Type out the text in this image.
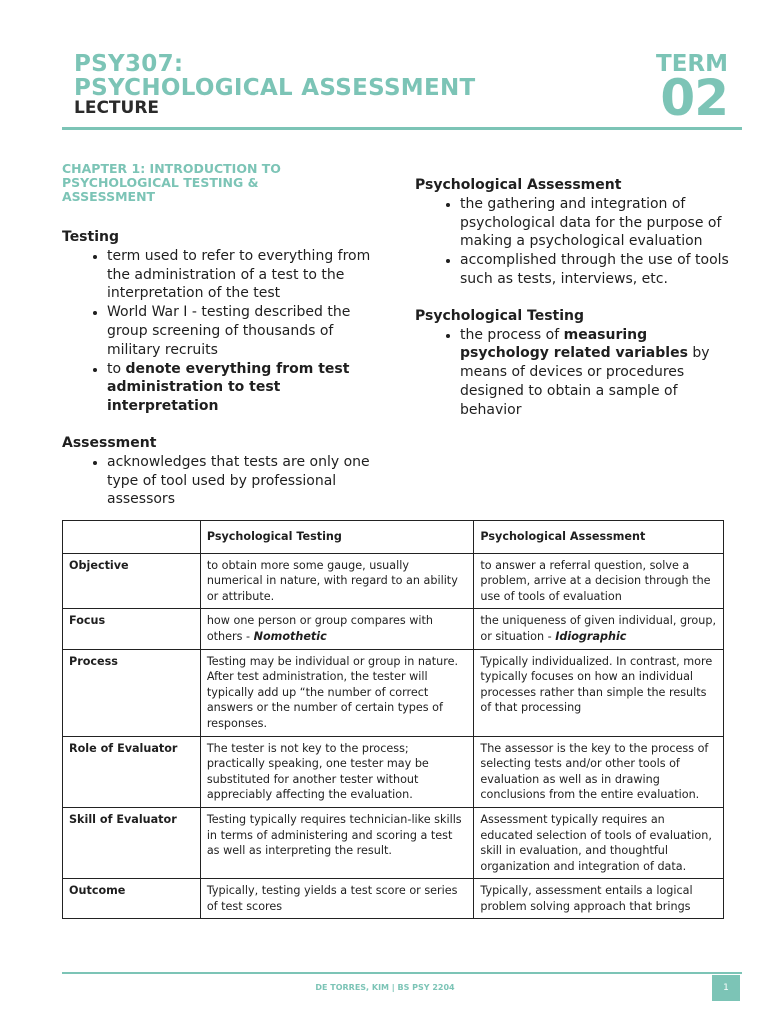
PSY307:
PSYCHOLOGICAL ASSESSMENT
LECTURE
TERM
02
CHAPTER 1: INTRODUCTION TO
PSYCHOLOGICAL TESTING &
ASSESSMENT
Testing
• term used to refer to everything from the administration of a test to the interpretation of the test
• World War I - testing described the group screening of thousands of military recruits
• to denote everything from test administration to test interpretation
Assessment
• acknowledges that tests are only one type of tool used by professional assessors
Psychological Assessment
• the gathering and integration of psychological data for the purpose of making a psychological evaluation
• accomplished through the use of tools such as tests, interviews, etc.
Psychological Testing
• the process of measuring psychology related variables by means of devices or procedures designed to obtain a sample of behavior
	Psychological Testing	Psychological Assessment
Objective	to obtain more some gauge, usually numerical in nature, with regard to an ability or attribute.	to answer a referral question, solve a problem, arrive at a decision through the use of tools of evaluation
Focus	how one person or group compares with others - Nomothetic	the uniqueness of given individual, group, or situation - Idiographic
Process	Testing may be individual or group in nature. After test administration, the tester will typically add up “the number of correct answers or the number of certain types of responses.	Typically individualized. In contrast, more typically focuses on how an individual processes rather than simple the results of that processing
Role of Evaluator	The tester is not key to the process; practically speaking, one tester may be substituted for another tester without appreciably affecting the evaluation.	The assessor is the key to the process of selecting tests and/or other tools of evaluation as well as in drawing conclusions from the entire evaluation.
Skill of Evaluator	Testing typically requires technician-like skills in terms of administering and scoring a test as well as interpreting the result.	Assessment typically requires an educated selection of tools of evaluation, skill in evaluation, and thoughtful organization and integration of data.
Outcome	Typically, testing yields a test score or series of test scores	Typically, assessment entails a logical problem solving approach that brings
DE TORRES, KIM | BS PSY 2204	1
